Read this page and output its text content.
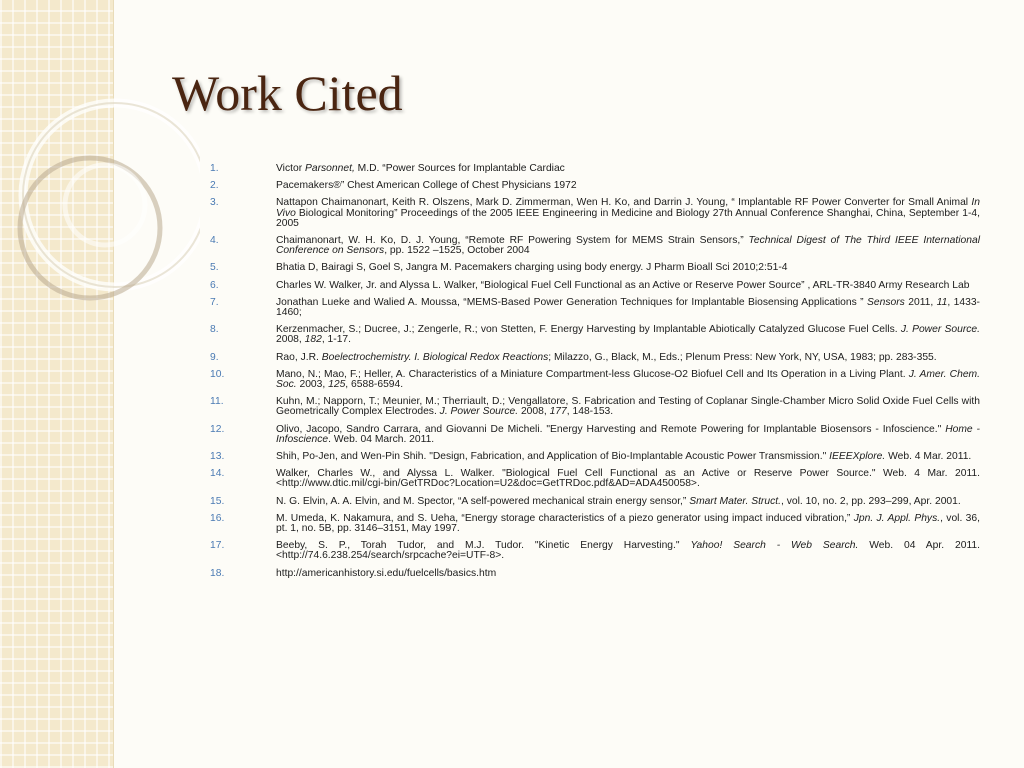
Work Cited
1.	Victor Parsonnet, M.D. “Power Sources for Implantable Cardiac
2.	Pacemakers®” Chest American College of Chest Physicians 1972
3.	Nattapon Chaimanonart, Keith R. Olszens, Mark D. Zimmerman, Wen H. Ko, and Darrin J. Young, “ Implantable RF Power Converter for Small Animal In Vivo Biological Monitoring” Proceedings of the 2005 IEEE Engineering in Medicine and Biology 27th Annual Conference Shanghai, China, September 1-4, 2005
4.	Chaimanonart, W. H. Ko, D. J. Young, “Remote RF Powering System for MEMS Strain Sensors,” Technical Digest of The Third IEEE International Conference on Sensors, pp. 1522 –1525, October 2004
5.	Bhatia D, Bairagi S, Goel S, Jangra M. Pacemakers charging using body energy. J Pharm Bioall Sci 2010;2:51-4
6.	Charles W. Walker, Jr. and Alyssa L. Walker, “Biological Fuel Cell Functional as an Active or Reserve Power Source” , ARL-TR-3840 Army Research Lab
7.	Jonathan Lueke and Walied A. Moussa, “MEMS-Based Power Generation Techniques for Implantable Biosensing Applications ” Sensors 2011, 11, 1433-1460;
8.	Kerzenmacher, S.; Ducree, J.; Zengerle, R.; von Stetten, F. Energy Harvesting by Implantable Abiotically Catalyzed Glucose Fuel Cells. J. Power Source. 2008, 182, 1-17.
9.	Rao, J.R. Boelectrochemistry. I. Biological Redox Reactions; Milazzo, G., Black, M., Eds.; Plenum Press: New York, NY, USA, 1983; pp. 283-355.
10.	Mano, N.; Mao, F.; Heller, A. Characteristics of a Miniature Compartment-less Glucose-O2 Biofuel Cell and Its Operation in a Living Plant. J. Amer. Chem. Soc. 2003, 125, 6588-6594.
11.	Kuhn, M.; Napporn, T.; Meunier, M.; Therriault, D.; Vengallatore, S. Fabrication and Testing of Coplanar Single-Chamber Micro Solid Oxide Fuel Cells with Geometrically Complex Electrodes. J. Power Source. 2008, 177, 148-153.
12.	Olivo, Jacopo, Sandro Carrara, and Giovanni De Micheli. "Energy Harvesting and Remote Powering for Implantable Biosensors - Infoscience." Home - Infoscience. Web. 04 March. 2011.
13.	Shih, Po-Jen, and Wen-Pin Shih. "Design, Fabrication, and Application of Bio-Implantable Acoustic Power Transmission." IEEEXplore. Web. 4 Mar. 2011.
14.	Walker, Charles W., and Alyssa L. Walker. "Biological Fuel Cell Functional as an Active or Reserve Power Source." Web. 4 Mar. 2011. <http://www.dtic.mil/cgi-bin/GetTRDoc?Location=U2&doc=GetTRDoc.pdf&AD=ADA450058>.
15.	N. G. Elvin, A. A. Elvin, and M. Spector, “A self-powered mechanical strain energy sensor,” Smart Mater. Struct., vol. 10, no. 2, pp. 293–299, Apr. 2001.
16.	M. Umeda, K. Nakamura, and S. Ueha, “Energy storage characteristics of a piezo generator using impact induced vibration,” Jpn. J. Appl. Phys., vol. 36, pt. 1, no. 5B, pp. 3146–3151, May 1997.
17.	Beeby, S. P., Torah Tudor, and M.J. Tudor. "Kinetic Energy Harvesting." Yahoo! Search - Web Search. Web. 04 Apr. 2011. <http://74.6.238.254/search/srpcache?ei=UTF-8>.
18.	http://americanhistory.si.edu/fuelcells/basics.htm
